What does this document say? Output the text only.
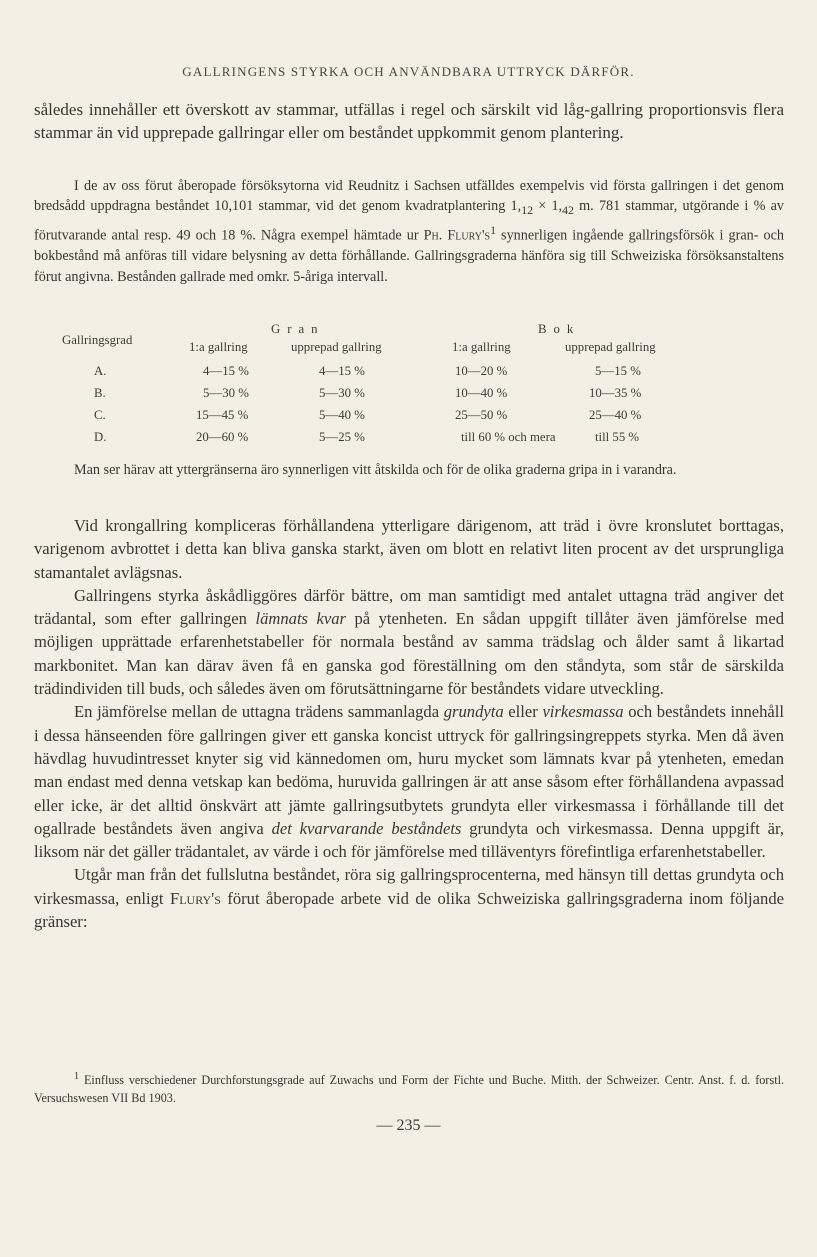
GALLRINGENS STYRKA OCH ANVÄNDBARA UTTRYCK DÄRFÖR.

således innehåller ett överskott av stammar, utfällas i regel och särskilt vid låg-gallring proportionsvis flera stammar än vid upprepade gallringar eller om beståndet uppkommit genom plantering.

I de av oss förut åberopade försöksytorna vid Reudnitz i Sachsen utfälldes exempelvis vid första gallringen i det genom bredsådd uppdragna beståndet 10,101 stammar, vid det genom kvadratplantering $1,_{12} \times 1,_{42}$ m. 781 stammar, utgörande i % av förutvarande antal resp. 49 och 18 %. Några exempel hämtade ur Ph. $Flury's^1$ synnerligen ingående gallringsförsök i gran- och bokbestånd må anföras till vidare belysning av detta förhållande. Gallringsgraderna hänföra sig till Schweiziska försöksanstaltens förut angivna. Bestånden gallrade med omkr. 5-åriga intervall.

Gallringsgrad
Gran	Bok
1:a gallring	upprepad gallring	1:a gallring	upprepad gallring
A.	4—15 %	4—15 %	10—20 %	5—15 %
B.	5—30 %	5—30 %	10—40 %	10—35 %
C.	15—45 %	5—40 %	25—50 %	25—40 %
D.	20—60 %	5—25 %	till 60 % och mera	till 55 %

Man ser härav att yttergränserna äro synnerligen vitt åtskilda och för de olika graderna gripa in i varandra.

Vid krongallring kompliceras förhållandena ytterligare därigenom, att träd i övre kronslutet borttagas, varigenom avbrottet i detta kan bliva ganska starkt, även om blott en relativt liten procent av det ursprungliga stamantalet avlägsnas.

Gallringens styrka åskådliggöres därför bättre, om man samtidigt med antalet uttagna träd angiver det trädantal, som efter gallringen lämnats kvar på ytenheten. En sådan uppgift tillåter även jämförelse med möjligen upprättade erfarenhetstabeller för normala bestånd av samma trädslag och ålder samt å likartad markbonitet. Man kan därav även få en ganska god föreställning om den ståndyta, som står de särskilda trädindividen till buds, och således även om förutsättningarne för beståndets vidare utveckling.

En jämförelse mellan de uttagna trädens sammanlagda grundyta eller virkesmassa och beståndets innehåll i dessa hänseenden före gallringen giver ett ganska koncist uttryck för gallringsingreppets styrka. Men då även hävdlag huvudintresset knyter sig vid kännedomen om, huru mycket som lämnats kvar på ytenheten, emedan man endast med denna vetskap kan bedöma, huruvida gallringen är att anse såsom efter förhållandena avpassad eller icke, är det alltid önskvärt att jämte gallringsutbytets grundyta eller virkesmassa i förhållande till det ogallrade beståndets även angiva det kvarvarande beståndets grundyta och virkesmassa. Denna uppgift är, liksom när det gäller trädantalet, av värde i och för jämförelse med tilläventyrs förefintliga erfarenhetstabeller.

Utgår man från det fullslutna beståndet, röra sig gallringsprocenterna, med hänsyn till dettas grundyta och virkesmassa, enligt Flury's förut åberopade arbete vid de olika Schweiziska gallringsgraderna inom följande gränser:

$^1$ Einfluss verschiedener Durchforstungsgrade auf Zuwachs und Form der Fichte und Buche. Mitth. der Schweizer. Centr. Anst. f. d. forstl. Versuchswesen VII Bd 1903.

— 235 —
